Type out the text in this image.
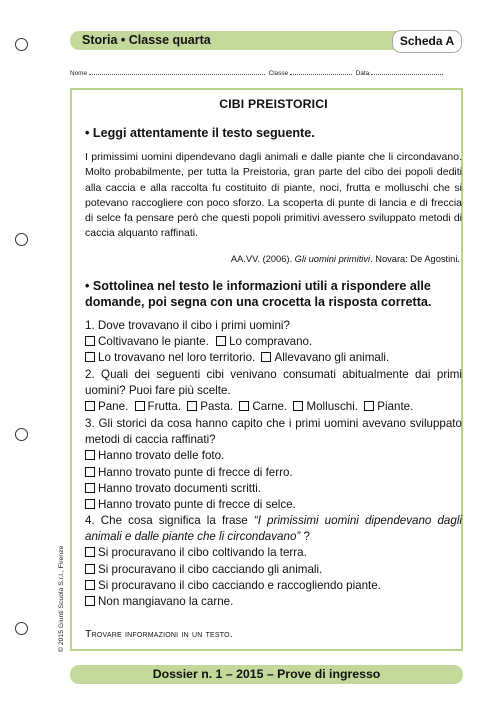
Storia • Classe quarta	Scheda A
Nome	Classe	Data
CIBI PREISTORICI
• Leggi attentamente il testo seguente.
I primissimi uomini dipendevano dagli animali e dalle piante che li circondavano. Molto probabilmente, per tutta la Preistoria, gran parte del cibo dei popoli dediti alla caccia e alla raccolta fu costituito di piante, noci, frutta e molluschi che si potevano raccogliere con poco sforzo. La scoperta di punte di lancia e di freccia di selce fa pensare però che questi popoli primitivi avessero sviluppato metodi di caccia alquanto raffinati.
AA.VV. (2006). Gli uomini primitivi. Novara: De Agostini.
• Sottolinea nel testo le informazioni utili a rispondere alle domande, poi segna con una crocetta la risposta corretta.
1. Dove trovavano il cibo i primi uomini?
Coltivavano le piante. Lo compravano.
Lo trovavano nel loro territorio. Allevavano gli animali.
2. Quali dei seguenti cibi venivano consumati abitualmente dai primi uomini? Puoi fare più scelte.
Pane. Frutta. Pasta. Carne. Molluschi. Piante.
3. Gli storici da cosa hanno capito che i primi uomini avevano sviluppato metodi di caccia raffinati?
Hanno trovato delle foto.
Hanno trovato punte di frecce di ferro.
Hanno trovato documenti scritti.
Hanno trovato punte di frecce di selce.
4. Che cosa significa la frase “I primissimi uomini dipendevano dagli animali e dalle piante che li circondavano” ?
Si procuravano il cibo coltivando la terra.
Si procuravano il cibo cacciando gli animali.
Si procuravano il cibo cacciando e raccogliendo piante.
Non mangiavano la carne.
Trovare informazioni in un testo.
Dossier n. 1 – 2015 – Prove di ingresso
© 2015 Giunti Scuola S.r.l., Firenze
